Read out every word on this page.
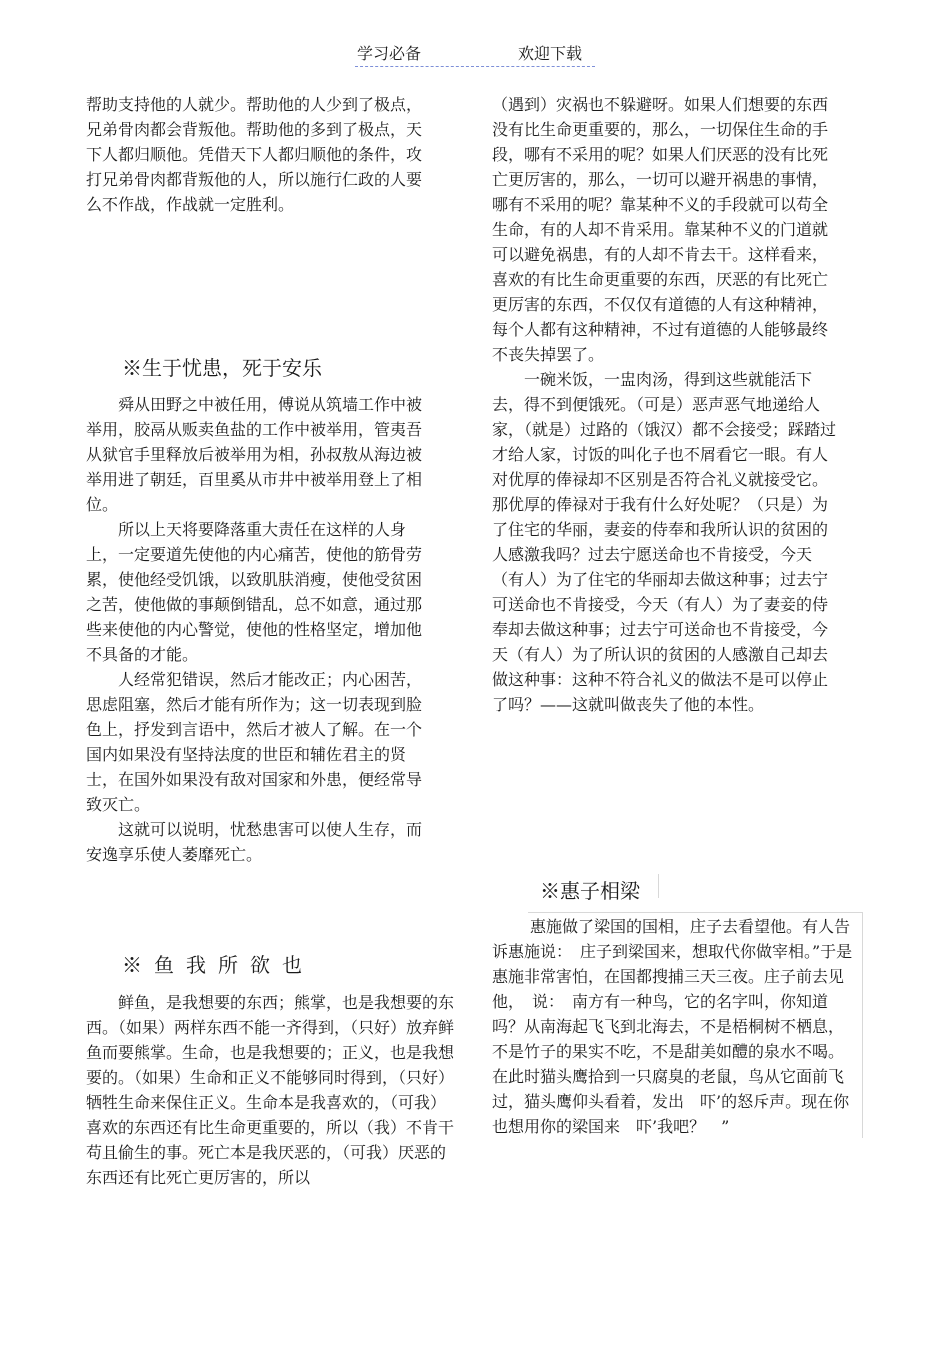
学习必备	欢迎下载

帮助支持他的人就少。帮助他的人少到了极点，兄弟骨肉都会背叛他。帮助他的多到了极点，天下人都归顺他。凭借天下人都归顺他的条件，攻打兄弟骨肉都背叛他的人，所以施行仁政的人要么不作战，作战就一定胜利。

※生于忧患，死于安乐

舜从田野之中被任用，傅说从筑墙工作中被举用，胶鬲从贩卖鱼盐的工作中被举用，管夷吾从狱官手里释放后被举用为相，孙叔敖从海边被举用进了朝廷，百里奚从市井中被举用登上了相位。

所以上天将要降落重大责任在这样的人身上，一定要道先使他的内心痛苦，使他的筋骨劳累，使他经受饥饿，以致肌肤消瘦，使他受贫困之苦，使他做的事颠倒错乱，总不如意，通过那些来使他的内心警觉，使他的性格坚定，增加他不具备的才能。

人经常犯错误，然后才能改正；内心困苦，思虑阻塞，然后才能有所作为；这一切表现到脸色上，抒发到言语中，然后才被人了解。在一个国内如果没有坚持法度的世臣和辅佐君主的贤士，在国外如果没有敌对国家和外患，便经常导致灭亡。

这就可以说明，忧愁患害可以使人生存，而安逸享乐使人萎靡死亡。

※鱼我所欲也

鲜鱼，是我想要的东西；熊掌，也是我想要的东西。（如果）两样东西不能一齐得到，（只好）放弃鲜鱼而要熊掌。生命，也是我想要的；正义，也是我想要的。（如果）生命和正义不能够同时得到，（只好）牺牲生命来保住正义。生命本是我喜欢的，（可我）喜欢的东西还有比生命更重要的，所以（我）不肯干苟且偷生的事。死亡本是我厌恶的，（可我）厌恶的东西还有比死亡更厉害的，所以

（遇到）灾祸也不躲避呀。如果人们想要的东西没有比生命更重要的，那么，一切保住生命的手段，哪有不采用的呢？如果人们厌恶的没有比死亡更厉害的，那么，一切可以避开祸患的事情，哪有不采用的呢？靠某种不义的手段就可以苟全生命，有的人却不肯采用。靠某种不义的门道就可以避免祸患，有的人却不肯去干。这样看来，喜欢的有比生命更重要的东西，厌恶的有比死亡更厉害的东西，不仅仅有道德的人有这种精神，每个人都有这种精神，不过有道德的人能够最终不丧失掉罢了。

一碗米饭，一盅肉汤，得到这些就能活下去，得不到便饿死。（可是）恶声恶气地递给人家，（就是）过路的（饿汉）都不会接受；踩踏过才给人家，讨饭的叫化子也不屑看它一眼。有人对优厚的俸禄却不区别是否符合礼义就接受它。那优厚的俸禄对于我有什么好处呢？（只是）为了住宅的华丽，妻妾的侍奉和我所认识的贫困的人感激我吗？过去宁愿送命也不肯接受，今天（有人）为了住宅的华丽却去做这种事；过去宁可送命也不肯接受，今天（有人）为了妻妾的侍奉却去做这种事；过去宁可送命也不肯接受，今天（有人）为了所认识的贫困的人感激自己却去做这种事：这种不符合礼义的做法不是可以停止了吗？——这就叫做丧失了他的本性。

※惠子相梁

惠施做了梁国的国相，庄子去看望他。有人告诉惠施说：　庄子到梁国来，想取代你做宰相。”于是惠施非常害怕，在国都搜捕三天三夜。庄子前去见他，　说：　南方有一种鸟，它的名字叫，你知道吗？从南海起飞飞到北海去，不是梧桐树不栖息，不是竹子的果实不吃，不是甜美如醴的泉水不喝。在此时猫头鹰拾到一只腐臭的老鼠，鸟从它面前飞过，猫头鹰仰头看着，发出　吓’的怒斥声。现在你也想用你的梁国来　吓’我吧？　”
